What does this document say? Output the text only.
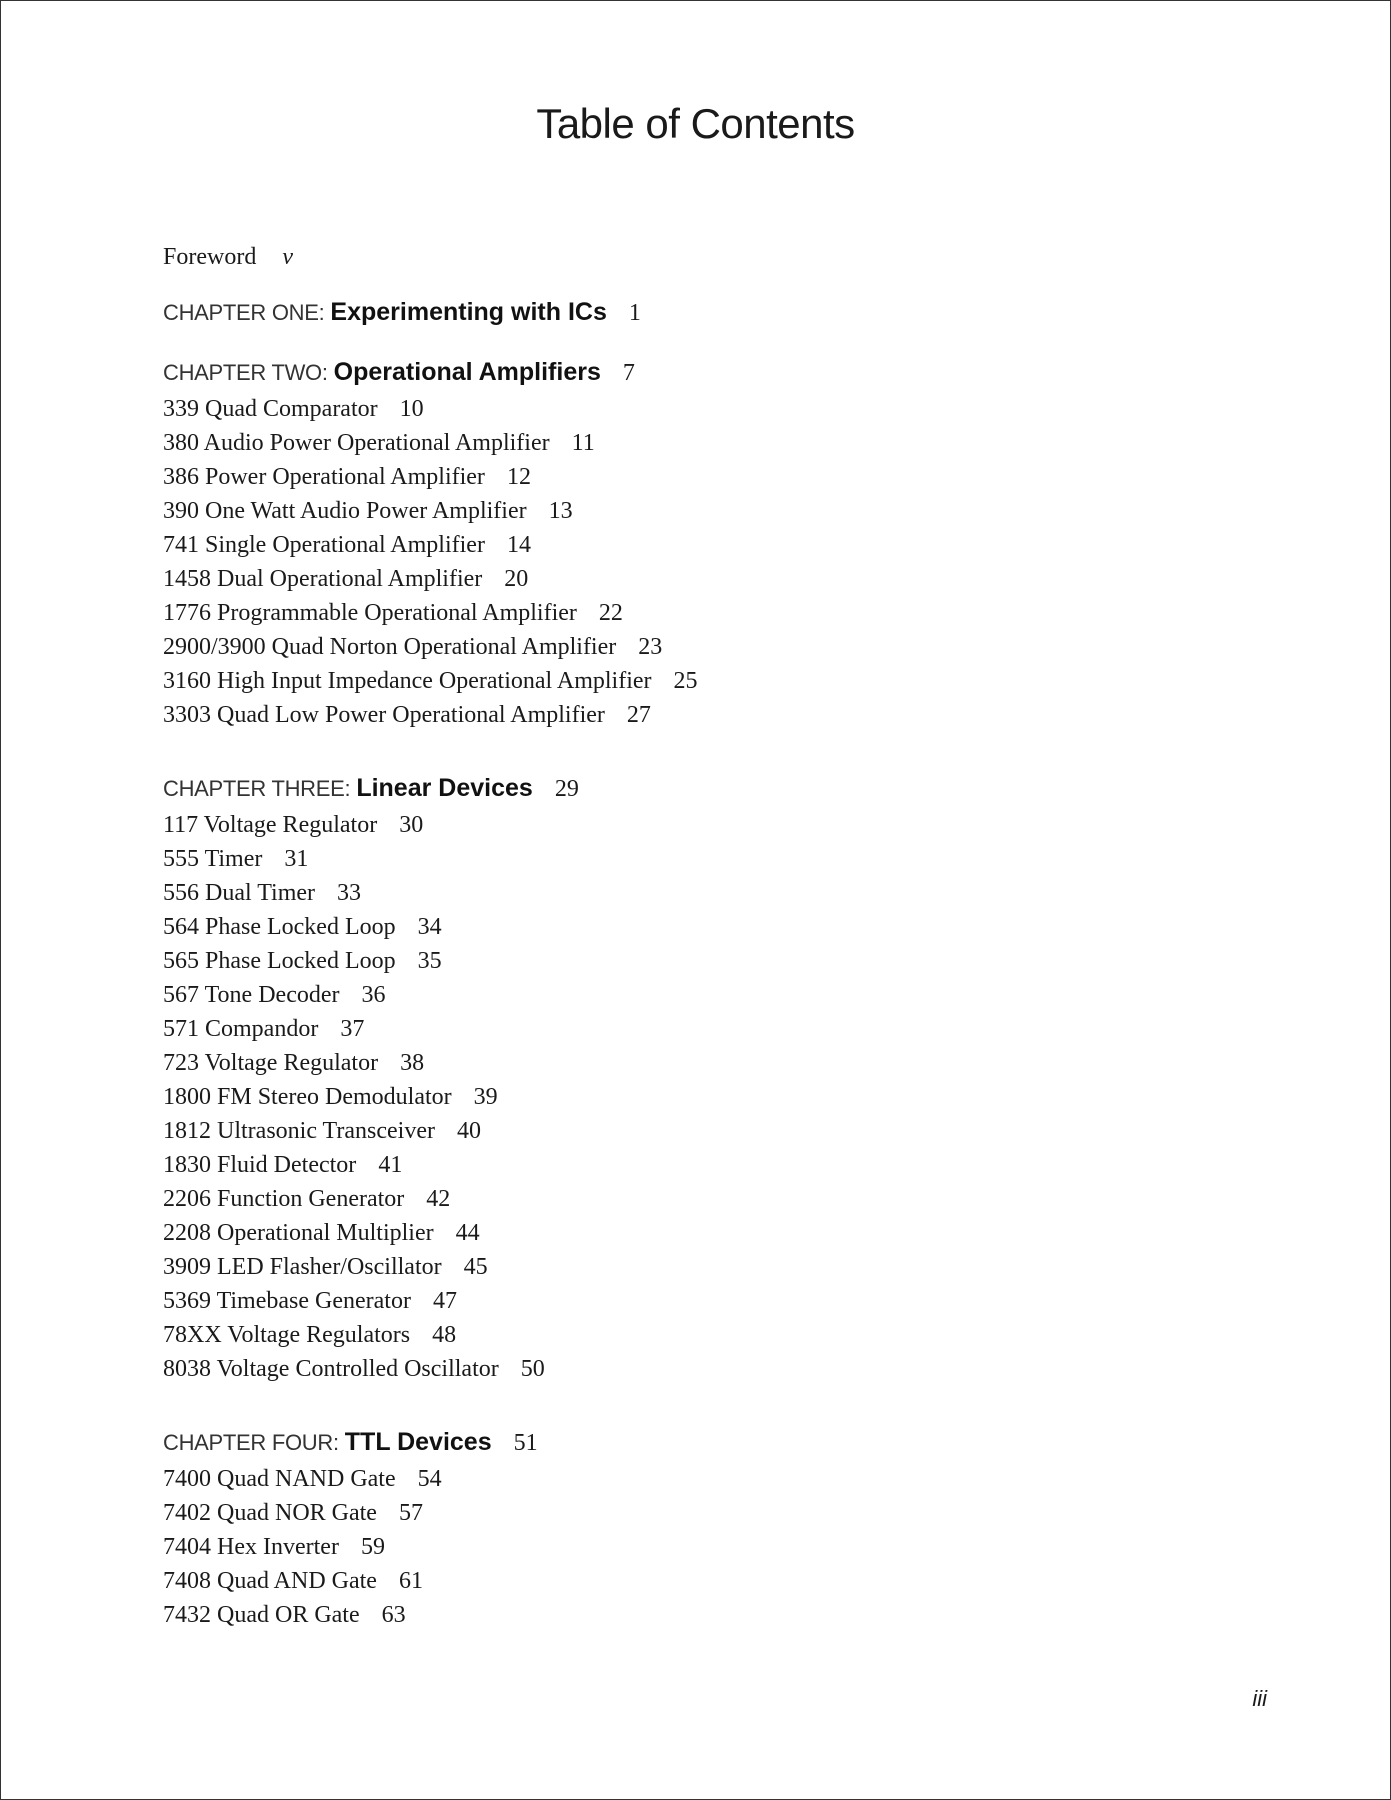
Table of Contents
Foreword v
CHAPTER ONE: Experimenting with ICs 1
CHAPTER TWO: Operational Amplifiers 7
339 Quad Comparator 10
380 Audio Power Operational Amplifier 11
386 Power Operational Amplifier 12
390 One Watt Audio Power Amplifier 13
741 Single Operational Amplifier 14
1458 Dual Operational Amplifier 20
1776 Programmable Operational Amplifier 22
2900/3900 Quad Norton Operational Amplifier 23
3160 High Input Impedance Operational Amplifier 25
3303 Quad Low Power Operational Amplifier 27
CHAPTER THREE: Linear Devices 29
117 Voltage Regulator 30
555 Timer 31
556 Dual Timer 33
564 Phase Locked Loop 34
565 Phase Locked Loop 35
567 Tone Decoder 36
571 Compandor 37
723 Voltage Regulator 38
1800 FM Stereo Demodulator 39
1812 Ultrasonic Transceiver 40
1830 Fluid Detector 41
2206 Function Generator 42
2208 Operational Multiplier 44
3909 LED Flasher/Oscillator 45
5369 Timebase Generator 47
78XX Voltage Regulators 48
8038 Voltage Controlled Oscillator 50
CHAPTER FOUR: TTL Devices 51
7400 Quad NAND Gate 54
7402 Quad NOR Gate 57
7404 Hex Inverter 59
7408 Quad AND Gate 61
7432 Quad OR Gate 63
iii
